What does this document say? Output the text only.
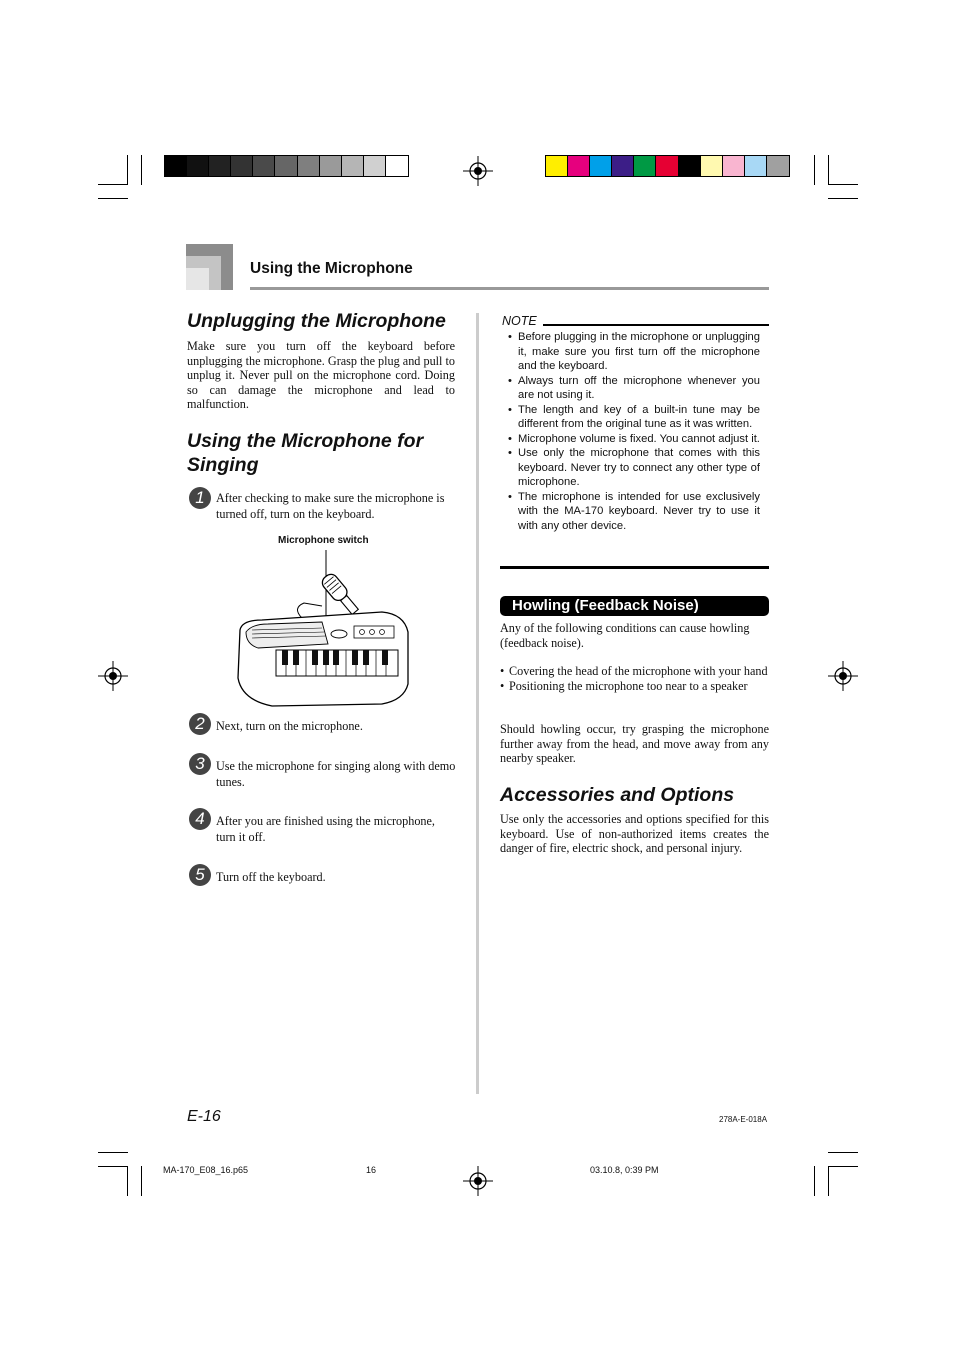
Using the Microphone
Unplugging the Microphone

Make sure you turn off the keyboard before unplugging the microphone. Grasp the plug and pull to unplug it. Never pull on the microphone cord. Doing so can damage the microphone and lead to malfunction.

Using the Microphone for
Singing
1 After checking to make sure the microphone is turned off, turn on the keyboard.

Microphone switch
2 Next, turn on the microphone.

3 Use the microphone for singing along with demo tunes.

4 After you are finished using the microphone, turn it off.

5 Turn off the keyboard.

NOTE
• Before plugging in the microphone or unplugging it, make sure you first turn off the microphone and the keyboard.
• Always turn off the microphone whenever you are not using it.
• The length and key of a built-in tune may be different from the original tune as it was written.
• Microphone volume is fixed. You cannot adjust it.
• Use only the microphone that comes with this keyboard. Never try to connect any other type of microphone.
• The microphone is intended for use exclusively with the MA-170 keyboard. Never try to use it with any other device.
Howling (Feedback Noise)

Any of the following conditions can cause howling (feedback noise).

• Covering the head of the microphone with your hand
• Positioning the microphone too near to a speaker

Should howling occur, try grasping the microphone further away from the head, and move away from any nearby speaker.

Accessories and Options

Use only the accessories and options specified for this keyboard. Use of non-authorized items creates the danger of fire, electric shock, and personal injury.

E-16	278A-E-018A
MA-170_E08_16.p65	16	03.10.8, 0:39 PM
